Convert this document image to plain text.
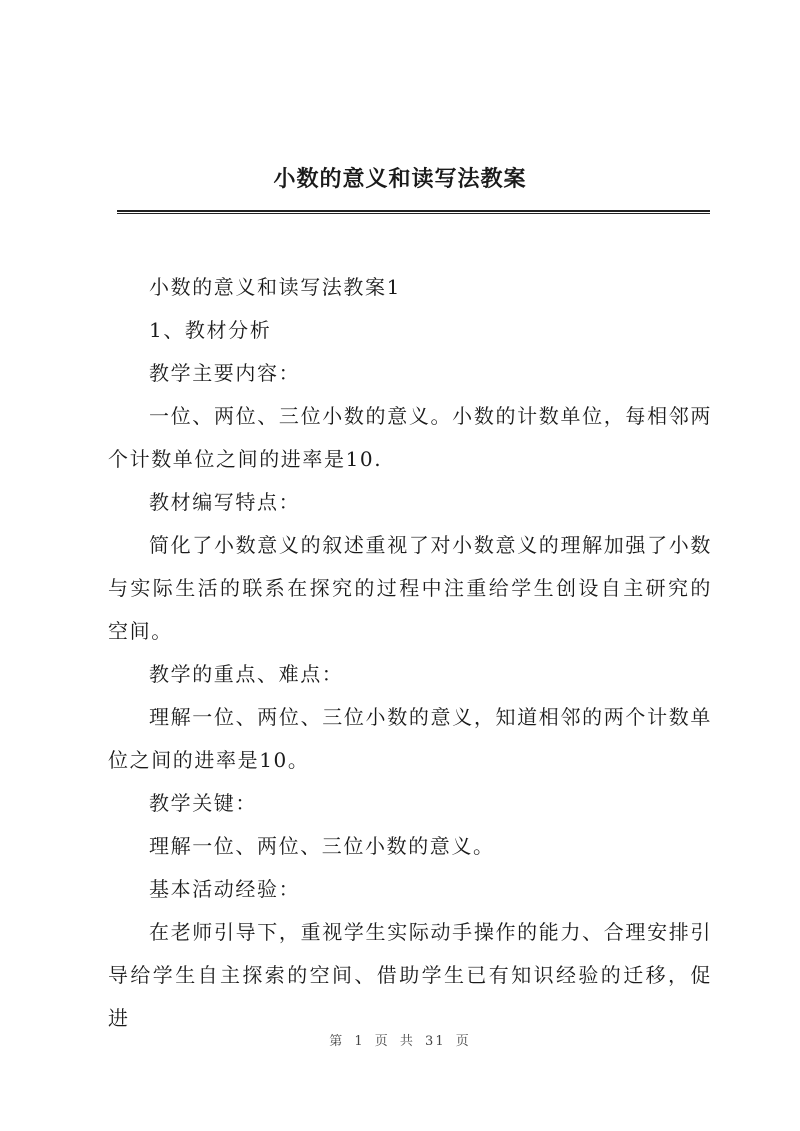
小数的意义和读写法教案

小数的意义和读写法教案1

1、教材分析

教学主要内容：

一位、两位、三位小数的意义。小数的计数单位，每相邻两个计数单位之间的进率是10.

教材编写特点：

简化了小数意义的叙述重视了对小数意义的理解加强了小数与实际生活的联系在探究的过程中注重给学生创设自主研究的空间。

教学的重点、难点：

理解一位、两位、三位小数的意义，知道相邻的两个计数单位之间的进率是10。

教学关键：

理解一位、两位、三位小数的意义。

基本活动经验：

在老师引导下，重视学生实际动手操作的能力、合理安排引导给学生自主探索的空间、借助学生已有知识经验的迁移，促进

第 1 页 共 31 页
